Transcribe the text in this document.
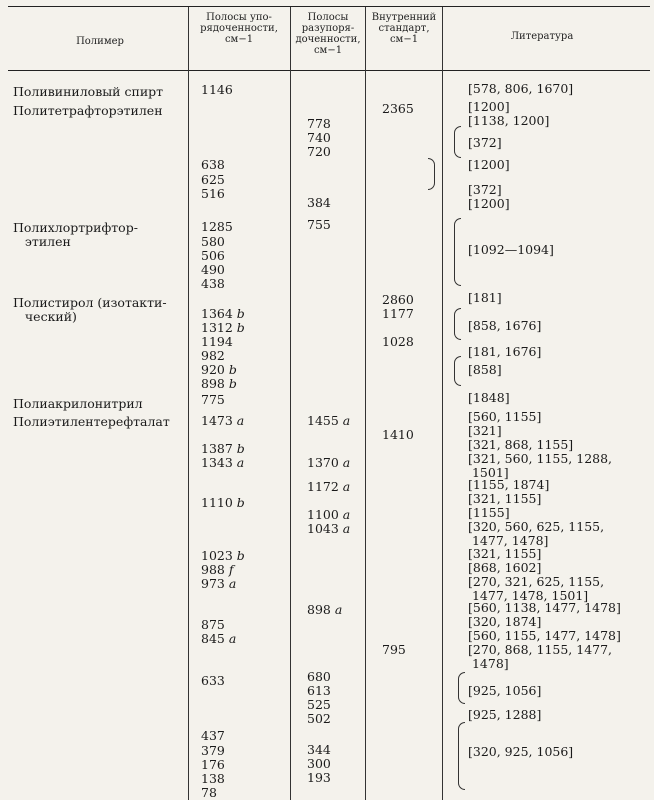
Полимер
Полосы упо-
рядоченности,
см−1
Полосы
разупоря-
доченности,
см−1
Внутренний
стандарт,
см−1	Литература
Поливиниловый спирт
Политетрафторэтилен
Полихлортрифтор-
этилен
Полистирол (изотакти-
ческий)
Полиакрилонитрил
Полиэтилентерефталат
1146
638
625
516
1285
580
506
490
438
1364 b
1312 b
1194
982
920 b
898 b
775
1473 a
1387 b
1343 a
1110 b
1023 b
988 f
973 a
875
845 a
633
437
379
176
138
78
778
740
720
384
755
1455 a
1370 a
1172 a
1100 a
1043 a
898 a
680
613
525
502
344
300
193
2365
2860
1177
1028
1410
795
[578, 806, 1670]
[1200]
[1138, 1200]
[372]
[1200]
[372]
[1200]
[1092—1094]
[181]
[858, 1676]
[181, 1676]
[858]
[1848]
[560, 1155]
[321]
[321, 868, 1155]
[321, 560, 1155, 1288,
1501]
[1155, 1874]
[321, 1155]
[1155]
[320, 560, 625, 1155,
1477, 1478]
[321, 1155]
[868, 1602]
[270, 321, 625, 1155,
1477, 1478, 1501]
[560, 1138, 1477, 1478]
[320, 1874]
[560, 1155, 1477, 1478]
[270, 868, 1155, 1477,
1478]
[925, 1056]
[925, 1288]
[320, 925, 1056]
